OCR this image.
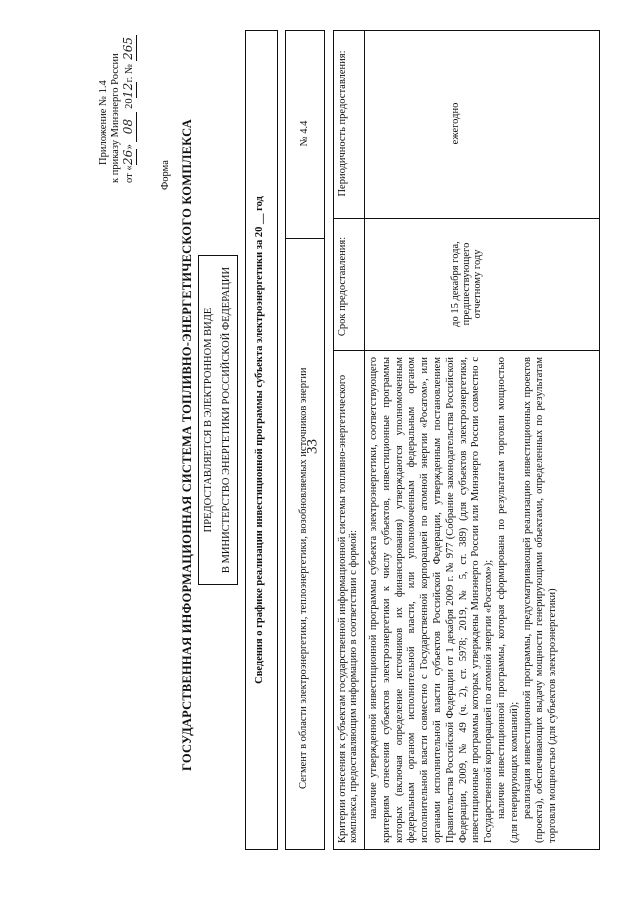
33
Приложение № 1.4 к приказу Минэнерго России от «26» 08 2012г. № 265
Форма ГОСУДАРСТВЕННАЯ ИНФОРМАЦИОННАЯ СИСТЕМА ТОПЛИВНО-ЭНЕРГЕТИЧЕСКОГО КОМПЛЕКСА ПРЕДОСТАВЛЯЕТСЯ В ЭЛЕКТРОННОМ ВИДЕ В МИНИСТЕРСТВО ЭНЕРГЕТИКИ РОССИЙСКОЙ ФЕДЕРАЦИИ Сведения о графике реализации инвестиционной программы субъекта электроэнергетики за 20 __ год	Сегмент в области электроэнергетики, теплоэнергетики, возобновляемых источников энергии
№ 4.4
Критерии отнесения к субъектам государственной информационной системы топливно-энергетического комплекса, предоставляющим информацию в соответствии с формой:
Срок предоставления:
Периодичность предоставления:
наличие утвержденной инвестиционной программы субъекта электроэнергетики, соответствующего критериям отнесения субъектов электроэнергетики к числу субъектов, инвестиционные программы которых (включая определение источников их финансирования) утверждаются уполномоченным федеральным органом исполнительной власти, или уполномоченным федеральным органом исполнительной власти совместно с Государственной корпорацией по атомной энергии «Росатом», или органами исполнительной власти субъектов Российской Федерации, утвержденным постановлением Правительства Российской Федерации от 1 декабря 2009 г. № 977 (Собрание законодательства Российской Федерации, 2009, № 49 (ч. 2), ст. 5978; 2019, № 5, ст. 389) (для субъектов электроэнергетики, инвестиционные программы которых утверждены Минэнерго России или Минэнерго России совместно с Государственной корпорацией по атомной энергии «Росатом»); наличие инвестиционной программы, которая сформирована по результатам торговли мощностью (для генерирующих компаний); реализация инвестиционной программы, предусматривающей реализацию инвестиционных проектов (проекта), обеспечивающих выдачу мощности генерирующими объектами, определенных по результатам торговли мощностью (для субъектов электроэнергетики)
до 15 декабря года, предшествующего отчетному году
ежегодно
